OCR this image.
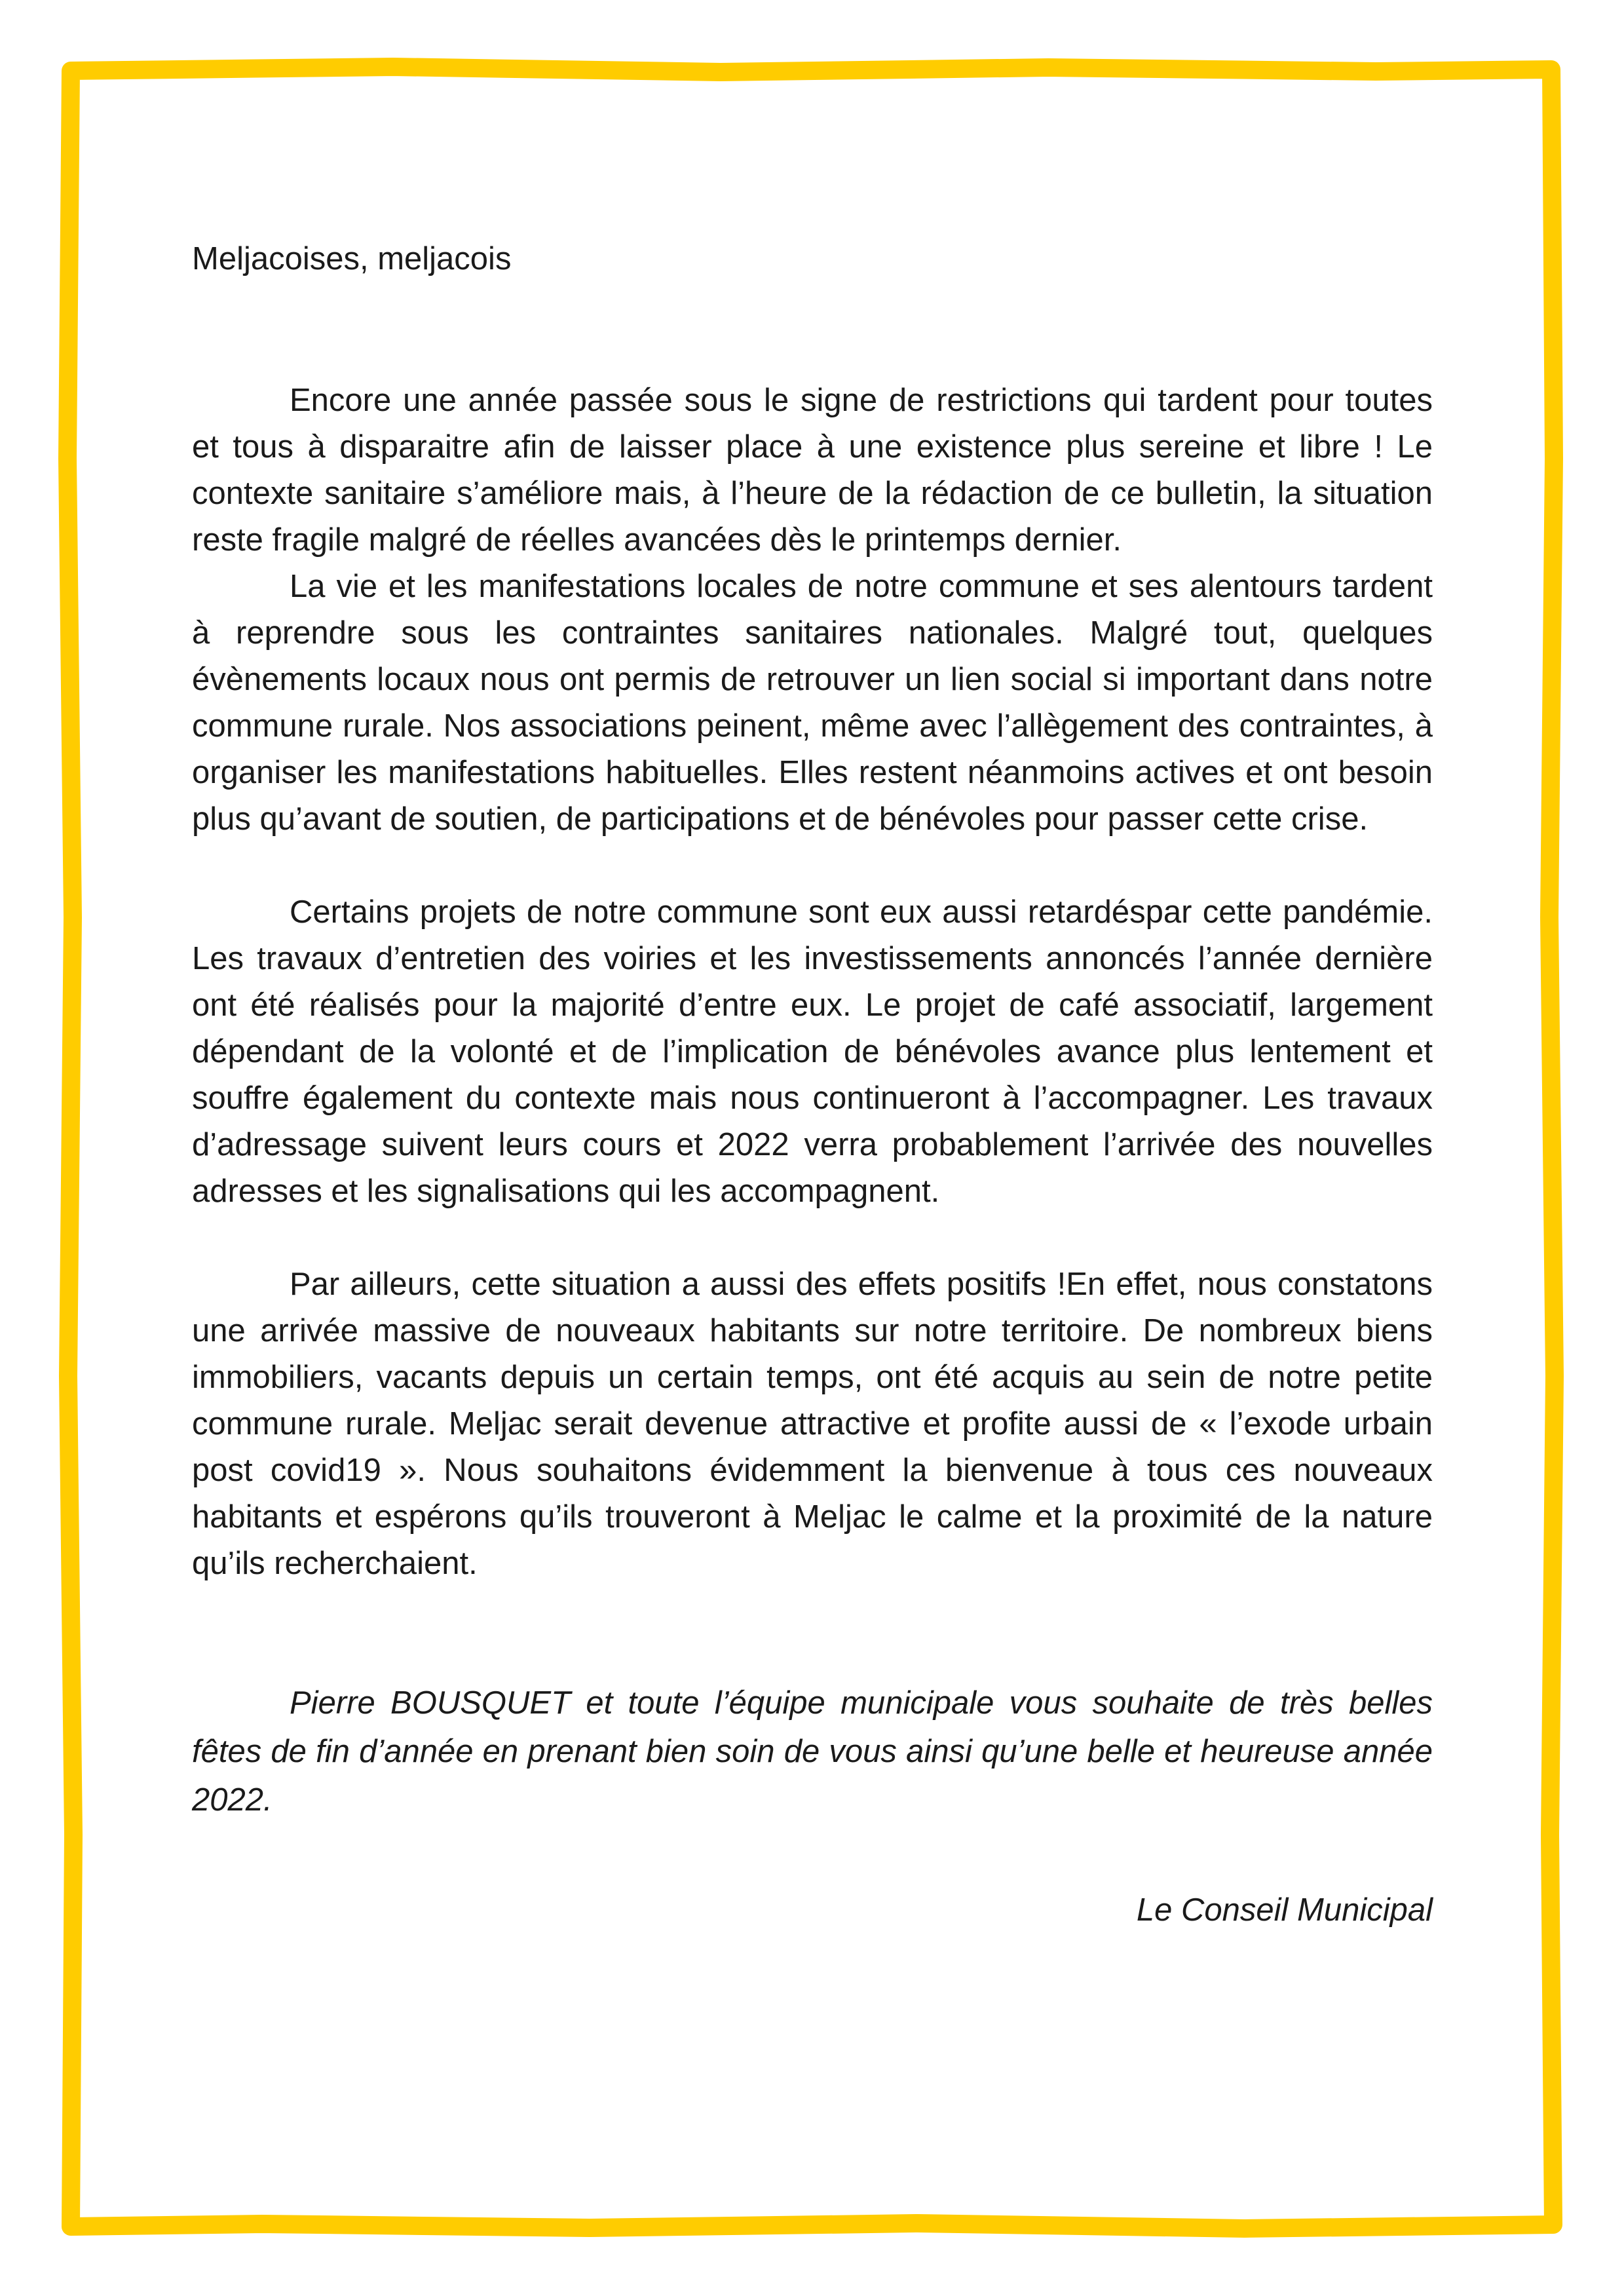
Meljacoises, meljacois

Encore une année passée sous le signe de restrictions qui tardent pour toutes et tous à disparaitre afin de laisser place à une existence plus sereine et libre ! Le contexte sanitaire s’améliore mais, à l’heure de la rédaction de ce bulletin, la situation reste fragile malgré de réelles avancées dès le printemps dernier.

La vie et les manifestations locales de notre commune et ses alentours tardent à reprendre sous les contraintes sanitaires nationales. Malgré tout, quelques évènements locaux nous ont permis de retrouver un lien social si important dans notre commune rurale. Nos associations peinent, même avec l’allègement des contraintes, à organiser les manifestations habituelles. Elles restent néanmoins actives et ont besoin plus qu’avant de soutien, de participations et de bénévoles pour passer cette crise.

Certains projets de notre commune sont eux aussi retardéspar cette pandémie. Les travaux d’entretien des voiries et les investissements annoncés l’année dernière ont été réalisés pour la majorité d’entre eux. Le projet de café associatif, largement dépendant de la volonté et de l’implication de bénévoles avance plus lentement et souffre également du contexte mais nous continueront à l’accompagner. Les travaux d’adressage suivent leurs cours et 2022 verra probablement l’arrivée des nouvelles adresses et les signalisations qui les accompagnent.

Par ailleurs, cette situation a aussi des effets positifs !En effet, nous constatons une arrivée massive de nouveaux habitants sur notre territoire. De nombreux biens immobiliers, vacants depuis un certain temps, ont été acquis au sein de notre petite commune rurale. Meljac serait devenue attractive et profite aussi de « l’exode urbain post covid19 ». Nous souhaitons évidemment la bienvenue à tous ces nouveaux habitants et espérons qu’ils trouveront à Meljac le calme et la proximité de la nature qu’ils recherchaient.

Pierre BOUSQUET et toute l’équipe municipale vous souhaite de très belles fêtes de fin d’année en prenant bien soin de vous ainsi qu’une belle et heureuse année 2022.

Le Conseil Municipal
